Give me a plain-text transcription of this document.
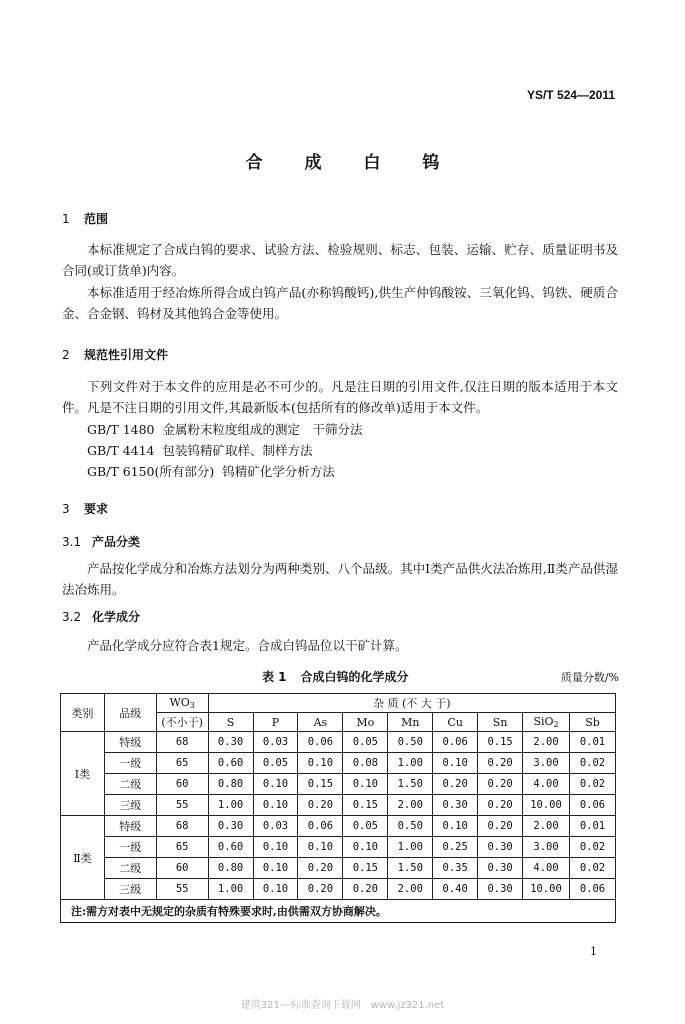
YS/T 524—2011
合 成 白 钨
1 范围
本标准规定了合成白钨的要求、试验方法、检验规则、标志、包装、运输、贮存、质量证明书及合同(或订货单)内容。
本标准适用于经冶炼所得合成白钨产品(亦称钨酸钙),供生产仲钨酸铵、三氧化钨、钨铁、硬质合金、合金钢、钨材及其他钨合金等使用。
2 规范性引用文件
下列文件对于本文件的应用是必不可少的。凡是注日期的引用文件,仅注日期的版本适用于本文件。凡是不注日期的引用文件,其最新版本(包括所有的修改单)适用于本文件。
GB/T 1480 金属粉末粒度组成的测定　干筛分法
GB/T 4414 包装钨精矿取样、制样方法
GB/T 6150(所有部分) 钨精矿化学分析方法
3 要求
3.1 产品分类
产品按化学成分和冶炼方法划分为两种类别、八个品级。其中Ⅰ类产品供火法冶炼用,Ⅱ类产品供湿法冶炼用。
3.2 化学成分
产品化学成分应符合表1规定。合成白钨品位以干矿计算。
表 1 合成白钨的化学成分	质量分数/%
类别	品级	$WO_3$	杂 质 (不 大 于)								
		(不小于)	S	P	As	Mo	Mn	Cu	Sn	SiO$_2$	Sb
Ⅰ类	特级	68	0.30	0.03	0.06	0.05	0.50	0.06	0.15	2.00	0.01
	一级	65	0.60	0.05	0.10	0.08	1.00	0.10	0.20	3.00	0.02
	二级	60	0.80	0.10	0.15	0.10	1.50	0.20	0.20	4.00	0.02
	三级	55	1.00	0.10	0.20	0.15	2.00	0.30	0.20	10.00	0.06
Ⅱ类	特级	68	0.30	0.03	0.06	0.05	0.50	0.10	0.20	2.00	0.01
	一级	65	0.60	0.10	0.10	0.10	1.00	0.25	0.30	3.00	0.02
	二级	60	0.80	0.10	0.20	0.15	1.50	0.35	0.30	4.00	0.02
	三级	55	1.00	0.10	0.20	0.20	2.00	0.40	0.30	10.00	0.06
注:需方对表中无规定的杂质有特殊要求时,由供需双方协商解决。											
1
建筑321---标准查询下载网　www.jz321.net
